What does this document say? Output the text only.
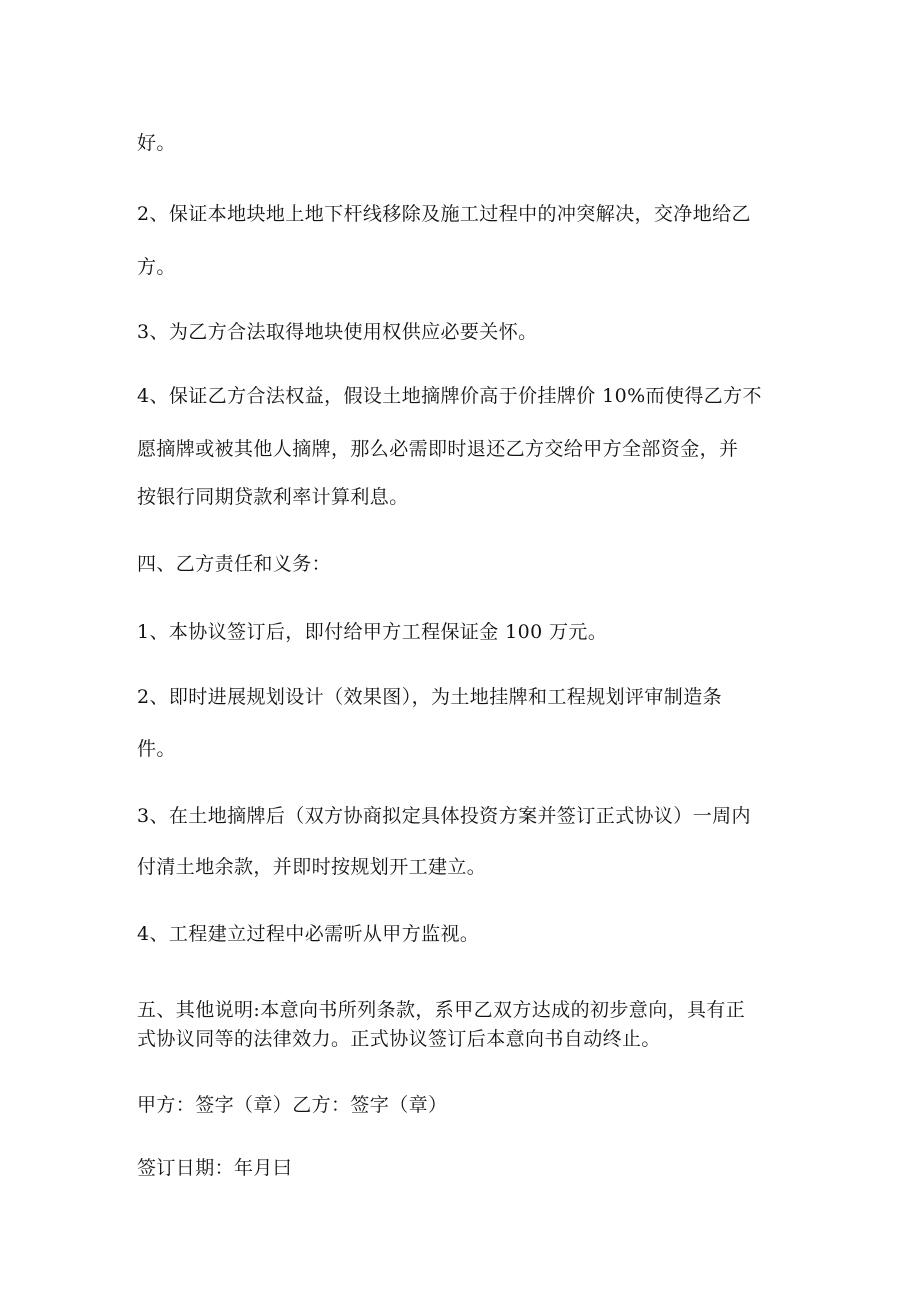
好。
2、保证本地块地上地下杆线移除及施工过程中的冲突解决，交净地给乙
方。
3、为乙方合法取得地块使用权供应必要关怀。
4、保证乙方合法权益，假设土地摘牌价高于价挂牌价 10%而使得乙方不
愿摘牌或被其他人摘牌，那么必需即时退还乙方交给甲方全部资金，并
按银行同期贷款利率计算利息。
四、乙方责任和义务：
1、本协议签订后，即付给甲方工程保证金 100 万元。
2、即时进展规划设计（效果图），为土地挂牌和工程规划评审制造条
件。
3、在土地摘牌后（双方协商拟定具体投资方案并签订正式协议）一周内
付清土地余款，并即时按规划开工建立。
4、工程建立过程中必需听从甲方监视。
五、其他说明:本意向书所列条款，系甲乙双方达成的初步意向，具有正
式协议同等的法律效力。正式协议签订后本意向书自动终止。
甲方：签字（章）乙方：签字（章）
签订日期：年月曰
